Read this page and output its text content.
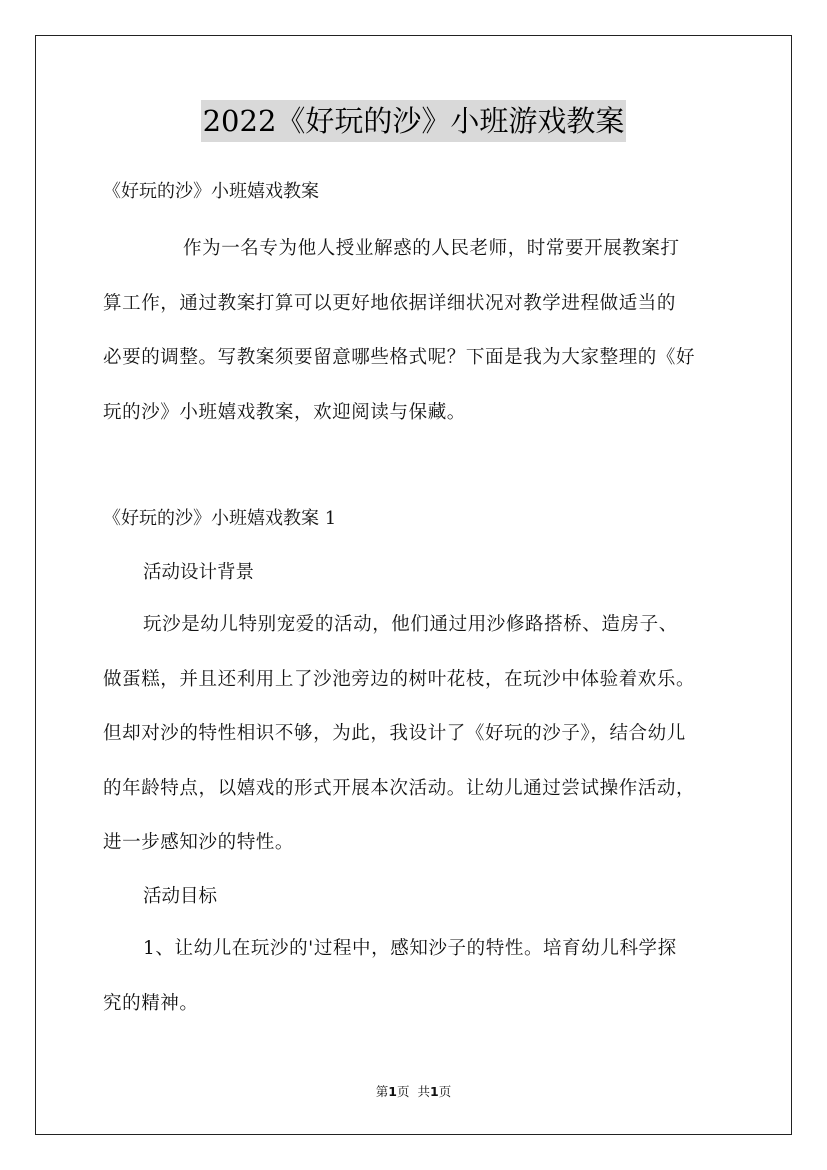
2022《好玩的沙》小班游戏教案
《好玩的沙》小班嬉戏教案
作为一名专为他人授业解惑的人民老师，时常要开展教案打
算工作，通过教案打算可以更好地依据详细状况对教学进程做适当的
必要的调整。写教案须要留意哪些格式呢？下面是我为大家整理的《好
玩的沙》小班嬉戏教案，欢迎阅读与保藏。
《好玩的沙》小班嬉戏教案 1
活动设计背景
玩沙是幼儿特别宠爱的活动，他们通过用沙修路搭桥、造房子、
做蛋糕，并且还利用上了沙池旁边的树叶花枝，在玩沙中体验着欢乐。
但却对沙的特性相识不够，为此，我设计了《好玩的沙子》，结合幼儿
的年龄特点，以嬉戏的形式开展本次活动。让幼儿通过尝试操作活动，
进一步感知沙的特性。
活动目标
1、让幼儿在玩沙的'过程中，感知沙子的特性。培育幼儿科学探
究的精神。
第1页 共1页
